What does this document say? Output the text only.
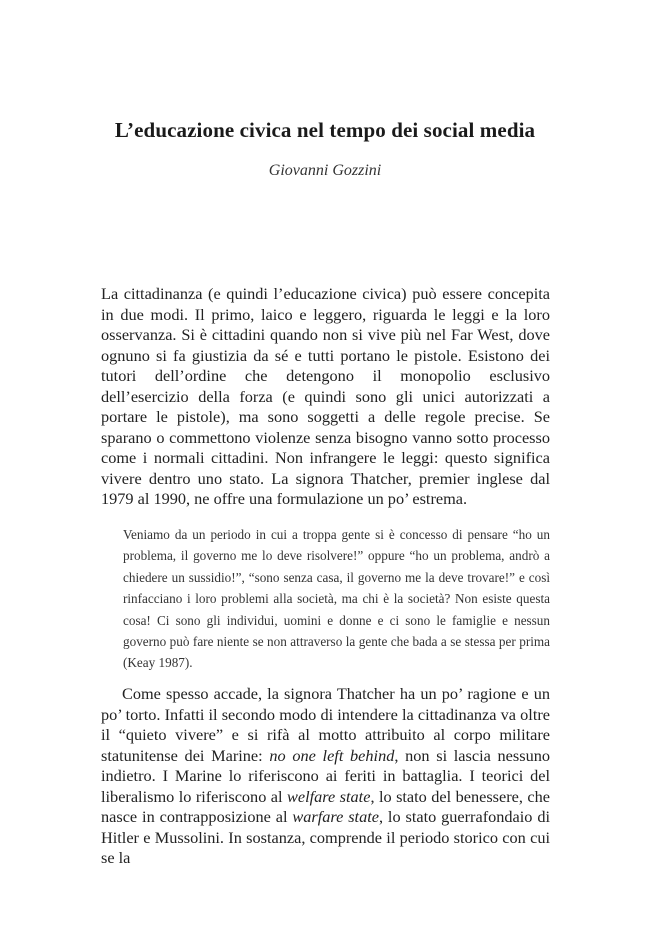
L’educazione civica nel tempo dei social media
Giovanni Gozzini

La cittadinanza (e quindi l’educazione civica) può essere concepita in due modi. Il primo, laico e leggero, riguarda le leggi e la loro osservanza. Si è cittadini quando non si vive più nel Far West, dove ognuno si fa giustizia da sé e tutti portano le pistole. Esistono dei tutori dell’ordine che detengono il monopolio esclusivo dell’esercizio della forza (e quindi sono gli unici autorizzati a portare le pistole), ma sono soggetti a delle regole precise. Se sparano o commettono violenze senza bisogno vanno sotto processo come i normali cittadini. Non infrangere le leggi: questo significa vivere dentro uno stato. La signora Thatcher, premier inglese dal 1979 al 1990, ne offre una formulazione un po’ estrema.

Veniamo da un periodo in cui a troppa gente si è concesso di pensare “ho un problema, il governo me lo deve risolvere!” oppure “ho un problema, andrò a chiedere un sussidio!”, “sono senza casa, il governo me la deve trovare!” e così rinfacciano i loro problemi alla società, ma chi è la società? Non esiste questa cosa! Ci sono gli individui, uomini e donne e ci sono le famiglie e nessun governo può fare niente se non attraverso la gente che bada a se stessa per prima (Keay 1987).

Come spesso accade, la signora Thatcher ha un po’ ragione e un po’ torto. Infatti il secondo modo di intendere la cittadinanza va oltre il “quieto vivere” e si rifà al motto attribuito al corpo militare statunitense dei Marine: no one left behind, non si lascia nessuno indietro. I Marine lo riferiscono ai feriti in battaglia. I teorici del liberalismo lo riferiscono al welfare state, lo stato del benessere, che nasce in contrapposizione al warfare state, lo stato guerrafondaio di Hitler e Mussolini. In sostanza, comprende il periodo storico con cui se la
